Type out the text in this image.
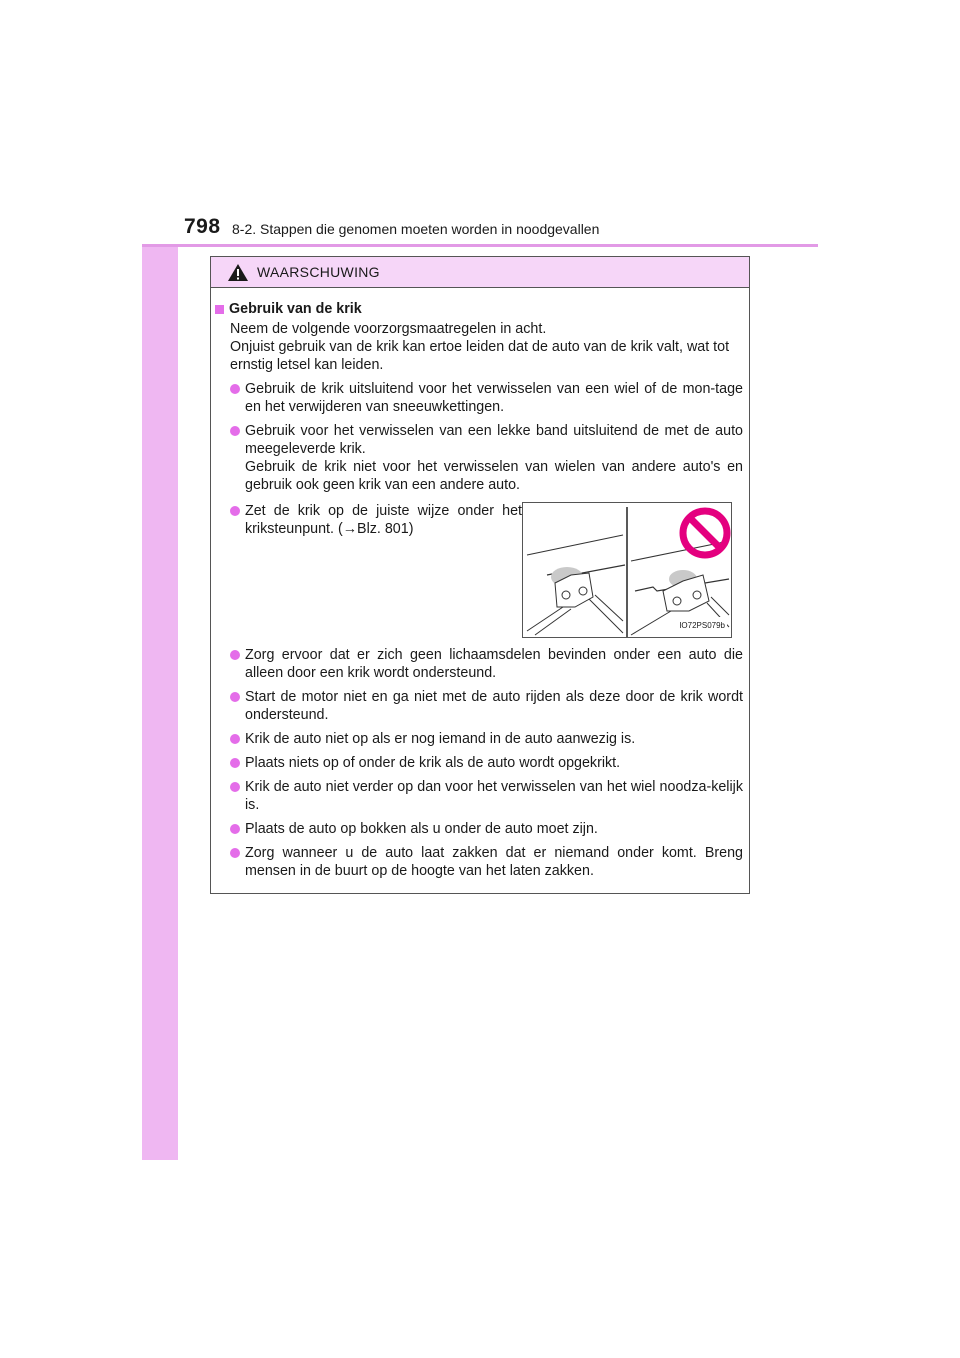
798 8-2. Stappen die genomen moeten worden in noodgevallen
WAARSCHUWING
Gebruik van de krik

Neem de volgende voorzorgsmaatregelen in acht.

Onjuist gebruik van de krik kan ertoe leiden dat de auto van de krik valt, wat tot ernstig letsel kan leiden.

Gebruik de krik uitsluitend voor het verwisselen van een wiel of de mon-tage en het verwijderen van sneeuwkettingen.

Gebruik voor het verwisselen van een lekke band uitsluitend de met de auto meegeleverde krik.

Gebruik de krik niet voor het verwisselen van wielen van andere auto's en gebruik ook geen krik van een andere auto.

Zet de krik op de juiste wijze onder het kriksteunpunt. (→Blz. 801)

IO72PS079b

Zorg ervoor dat er zich geen lichaamsdelen bevinden onder een auto die alleen door een krik wordt ondersteund.

Start de motor niet en ga niet met de auto rijden als deze door de krik wordt ondersteund.

Krik de auto niet op als er nog iemand in de auto aanwezig is.

Plaats niets op of onder de krik als de auto wordt opgekrikt.

Krik de auto niet verder op dan voor het verwisselen van het wiel noodza-kelijk is.

Plaats de auto op bokken als u onder de auto moet zijn.

Zorg wanneer u de auto laat zakken dat er niemand onder komt. Breng mensen in de buurt op de hoogte van het laten zakken.
